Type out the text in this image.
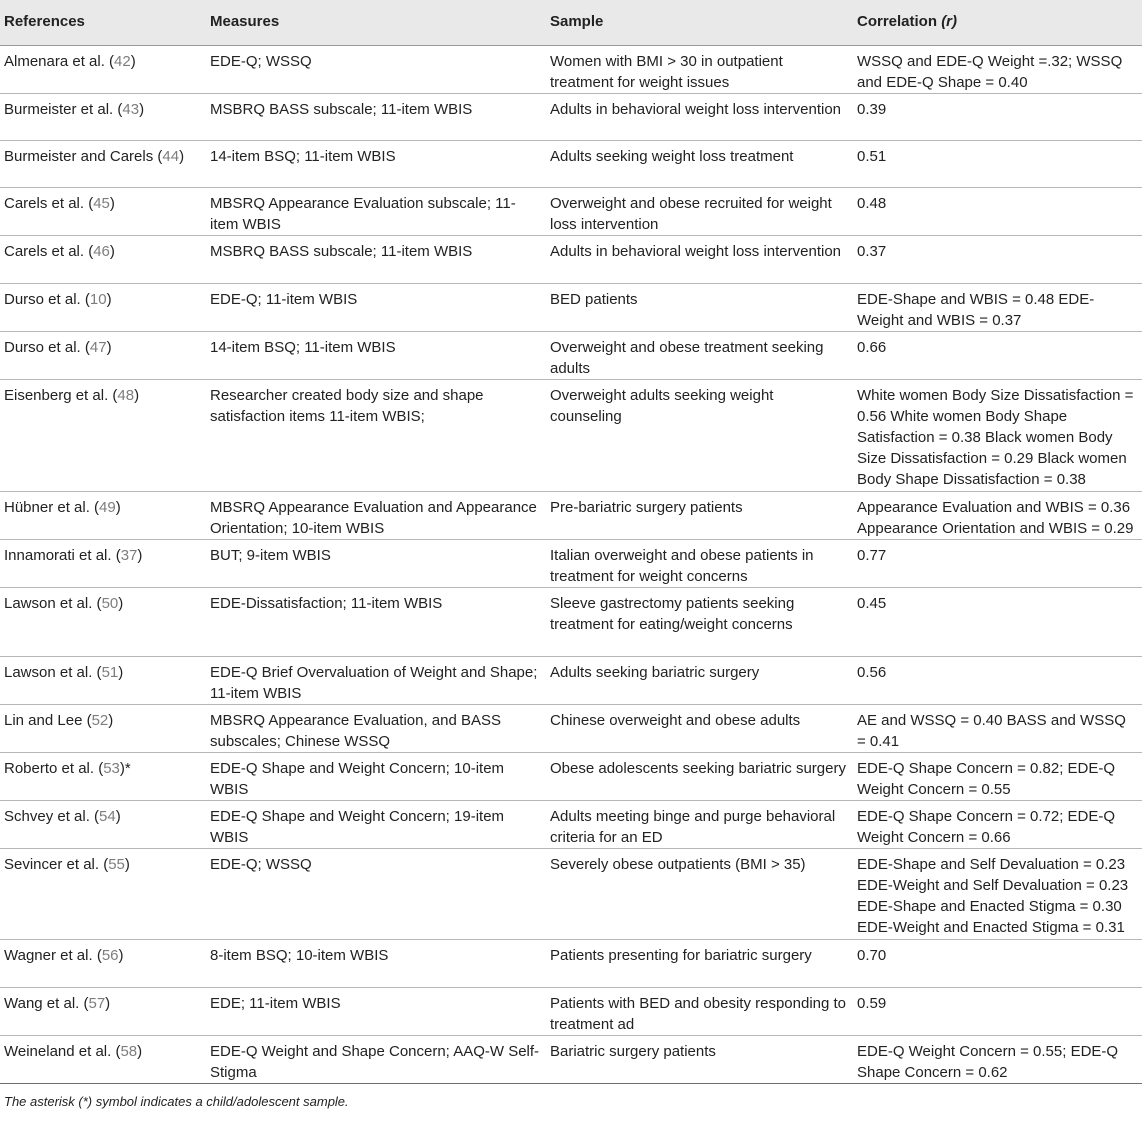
References	Measures	Sample	Correlation (r)
Almenara et al. (42)	EDE-Q; WSSQ	Women with BMI > 30 in outpatient treatment for weight issues	WSSQ and EDE-Q Weight =.32; WSSQ and EDE-Q Shape = 0.40
Burmeister et al. (43)	MSBRQ BASS subscale; 11-item WBIS	Adults in behavioral weight loss intervention	0.39
Burmeister and Carels (44)	14-item BSQ; 11-item WBIS	Adults seeking weight loss treatment	0.51
Carels et al. (45)	MBSRQ Appearance Evaluation subscale; 11-item WBIS	Overweight and obese recruited for weight loss intervention	0.48
Carels et al. (46)	MSBRQ BASS subscale; 11-item WBIS	Adults in behavioral weight loss intervention	0.37
Durso et al. (10)	EDE-Q; 11-item WBIS	BED patients	EDE-Shape and WBIS = 0.48 EDE-Weight and WBIS = 0.37
Durso et al. (47)	14-item BSQ; 11-item WBIS	Overweight and obese treatment seeking adults	0.66
Eisenberg et al. (48)	Researcher created body size and shape satisfaction items 11-item WBIS;	Overweight adults seeking weight counseling	White women Body Size Dissatisfaction = 0.56 White women Body Shape Satisfaction = 0.38 Black women Body Size Dissatisfaction = 0.29 Black women Body Shape Dissatisfaction = 0.38
Hübner et al. (49)	MBSRQ Appearance Evaluation and Appearance Orientation; 10-item WBIS	Pre-bariatric surgery patients	Appearance Evaluation and WBIS = 0.36 Appearance Orientation and WBIS = 0.29
Innamorati et al. (37)	BUT; 9-item WBIS	Italian overweight and obese patients in treatment for weight concerns	0.77
Lawson et al. (50)	EDE-Dissatisfaction; 11-item WBIS	Sleeve gastrectomy patients seeking treatment for eating/weight concerns	0.45
Lawson et al. (51)	EDE-Q Brief Overvaluation of Weight and Shape; 11-item WBIS	Adults seeking bariatric surgery	0.56
Lin and Lee (52)	MBSRQ Appearance Evaluation, and BASS subscales; Chinese WSSQ	Chinese overweight and obese adults	AE and WSSQ = 0.40 BASS and WSSQ = 0.41
Roberto et al. (53)*	EDE-Q Shape and Weight Concern; 10-item WBIS	Obese adolescents seeking bariatric surgery	EDE-Q Shape Concern = 0.82; EDE-Q Weight Concern = 0.55
Schvey et al. (54)	EDE-Q Shape and Weight Concern; 19-item WBIS	Adults meeting binge and purge behavioral criteria for an ED	EDE-Q Shape Concern = 0.72; EDE-Q Weight Concern = 0.66
Sevincer et al. (55)	EDE-Q; WSSQ	Severely obese outpatients (BMI > 35)	EDE-Shape and Self Devaluation = 0.23 EDE-Weight and Self Devaluation = 0.23 EDE-Shape and Enacted Stigma = 0.30 EDE-Weight and Enacted Stigma = 0.31
Wagner et al. (56)	8-item BSQ; 10-item WBIS	Patients presenting for bariatric surgery	0.70
Wang et al. (57)	EDE; 11-item WBIS	Patients with BED and obesity responding to treatment ad	0.59
Weineland et al. (58)	EDE-Q Weight and Shape Concern; AAQ-W Self-Stigma	Bariatric surgery patients	EDE-Q Weight Concern = 0.55; EDE-Q Shape Concern = 0.62
The asterisk (*) symbol indicates a child/adolescent sample.
